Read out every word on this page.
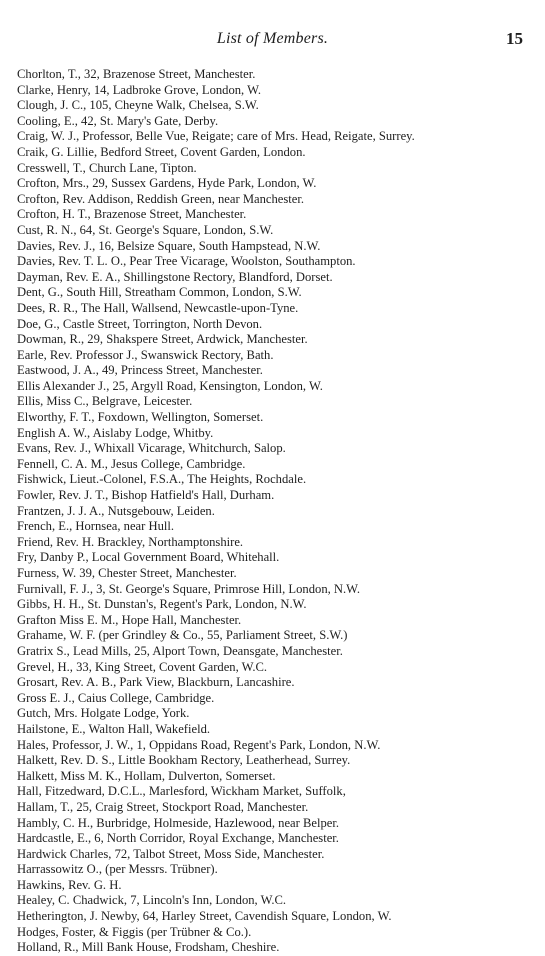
List of Members.	15
Chorlton, T., 32, Brazenose Street, Manchester.
Clarke, Henry, 14, Ladbroke Grove, London, W.
Clough, J. C., 105, Cheyne Walk, Chelsea, S.W.
Cooling, E., 42, St. Mary's Gate, Derby.
Craig, W. J., Professor, Belle Vue, Reigate; care of Mrs. Head, Reigate, Surrey.
Craik, G. Lillie, Bedford Street, Covent Garden, London.
Cresswell, T., Church Lane, Tipton.
Crofton, Mrs., 29, Sussex Gardens, Hyde Park, London, W.
Crofton, Rev. Addison, Reddish Green, near Manchester.
Crofton, H. T., Brazenose Street, Manchester.
Cust, R. N., 64, St. George's Square, London, S.W.
Davies, Rev. J., 16, Belsize Square, South Hampstead, N.W.
Davies, Rev. T. L. O., Pear Tree Vicarage, Woolston, Southampton.
Dayman, Rev. E. A., Shillingstone Rectory, Blandford, Dorset.
Dent, G., South Hill, Streatham Common, London, S.W.
Dees, R. R., The Hall, Wallsend, Newcastle-upon-Tyne.
Doe, G., Castle Street, Torrington, North Devon.
Dowman, R., 29, Shakspere Street, Ardwick, Manchester.
Earle, Rev. Professor J., Swanswick Rectory, Bath.
Eastwood, J. A., 49, Princess Street, Manchester.
Ellis Alexander J., 25, Argyll Road, Kensington, London, W.
Ellis, Miss C., Belgrave, Leicester.
Elworthy, F. T., Foxdown, Wellington, Somerset.
English A. W., Aislaby Lodge, Whitby.
Evans, Rev. J., Whixall Vicarage, Whitchurch, Salop.
Fennell, C. A. M., Jesus College, Cambridge.
Fishwick, Lieut.-Colonel, F.S.A., The Heights, Rochdale.
Fowler, Rev. J. T., Bishop Hatfield's Hall, Durham.
Frantzen, J. J. A., Nutsgebouw, Leiden.
French, E., Hornsea, near Hull.
Friend, Rev. H. Brackley, Northamptonshire.
Fry, Danby P., Local Government Board, Whitehall.
Furness, W. 39, Chester Street, Manchester.
Furnivall, F. J., 3, St. George's Square, Primrose Hill, London, N.W.
Gibbs, H. H., St. Dunstan's, Regent's Park, London, N.W.
Grafton Miss E. M., Hope Hall, Manchester.
Grahame, W. F. (per Grindley & Co., 55, Parliament Street, S.W.)
Gratrix S., Lead Mills, 25, Alport Town, Deansgate, Manchester.
Grevel, H., 33, King Street, Covent Garden, W.C.
Grosart, Rev. A. B., Park View, Blackburn, Lancashire.
Gross E. J., Caius College, Cambridge.
Gutch, Mrs. Holgate Lodge, York.
Hailstone, E., Walton Hall, Wakefield.
Hales, Professor, J. W., 1, Oppidans Road, Regent's Park, London, N.W.
Halkett, Rev. D. S., Little Bookham Rectory, Leatherhead, Surrey.
Halkett, Miss M. K., Hollam, Dulverton, Somerset.
Hall, Fitzedward, D.C.L., Marlesford, Wickham Market, Suffolk,
Hallam, T., 25, Craig Street, Stockport Road, Manchester.
Hambly, C. H., Burbridge, Holmeside, Hazlewood, near Belper.
Hardcastle, E., 6, North Corridor, Royal Exchange, Manchester.
Hardwick Charles, 72, Talbot Street, Moss Side, Manchester.
Harrassowitz O., (per Messrs. Trübner).
Hawkins, Rev. G. H.
Healey, C. Chadwick, 7, Lincoln's Inn, London, W.C.
Hetherington, J. Newby, 64, Harley Street, Cavendish Square, London, W.
Hodges, Foster, & Figgis (per Trübner & Co.).
Holland, R., Mill Bank House, Frodsham, Cheshire.
